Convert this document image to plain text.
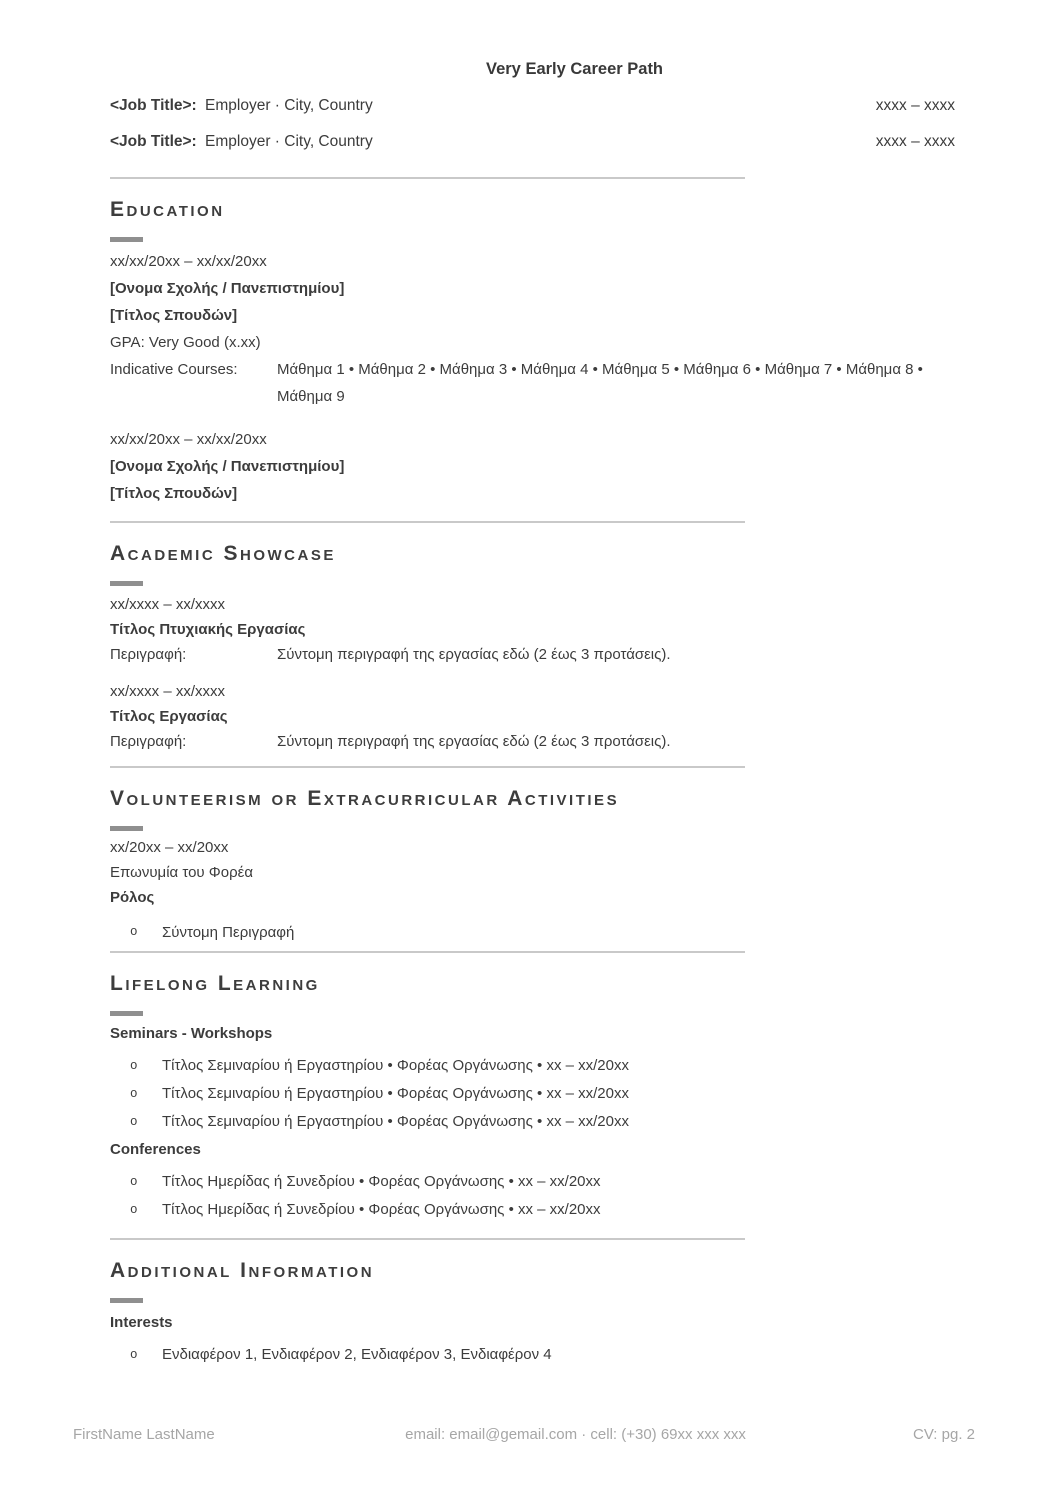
Very Early Career Path
<Job Title>: Employer · City, Country	xxxx – xxxx
<Job Title>: Employer · City, Country	xxxx – xxxx
Education
xx/xx/20xx – xx/xx/20xx
[Ονομα Σχολής / Πανεπιστημίου]
[Τίτλος Σπουδών]
GPA: Very Good (x.xx)
Indicative Courses:	Μάθημα 1 • Μάθημα 2 • Μάθημα 3 • Μάθημα 4 • Μάθημα 5 • Μάθημα 6 • Μάθημα 7 • Μάθημα 8 • Μάθημα 9
xx/xx/20xx – xx/xx/20xx
[Ονομα Σχολής / Πανεπιστημίου]
[Τίτλος Σπουδών]
Academic Showcase
xx/xxxx – xx/xxxx
Τίτλος Πτυχιακής Εργασίας
Περιγραφή:	Σύντομη περιγραφή της εργασίας εδώ (2 έως 3 προτάσεις).
xx/xxxx – xx/xxxx
Τίτλος Εργασίας
Περιγραφή:	Σύντομη περιγραφή της εργασίας εδώ (2 έως 3 προτάσεις).
Volunteerism or Extracurricular Activities
xx/20xx – xx/20xx
Επωνυμία του Φορέα
Ρόλος
o	Σύντομη Περιγραφή
Lifelong Learning
Seminars - Workshops
o	Τίτλος Σεμιναρίου ή Εργαστηρίου • Φορέας Οργάνωσης • xx – xx/20xx
o	Τίτλος Σεμιναρίου ή Εργαστηρίου • Φορέας Οργάνωσης • xx – xx/20xx
o	Τίτλος Σεμιναρίου ή Εργαστηρίου • Φορέας Οργάνωσης • xx – xx/20xx
Conferences
o	Τίτλος Ημερίδας ή Συνεδρίου • Φορέας Οργάνωσης • xx – xx/20xx
o	Τίτλος Ημερίδας ή Συνεδρίου • Φορέας Οργάνωσης • xx – xx/20xx
Additional Information
Interests
o	Ενδιαφέρον 1, Ενδιαφέρον 2, Ενδιαφέρον 3, Ενδιαφέρον 4
FirstName LastName	email: email@gemail.com · cell: (+30) 69xx xxx xxx	CV: pg. 2
